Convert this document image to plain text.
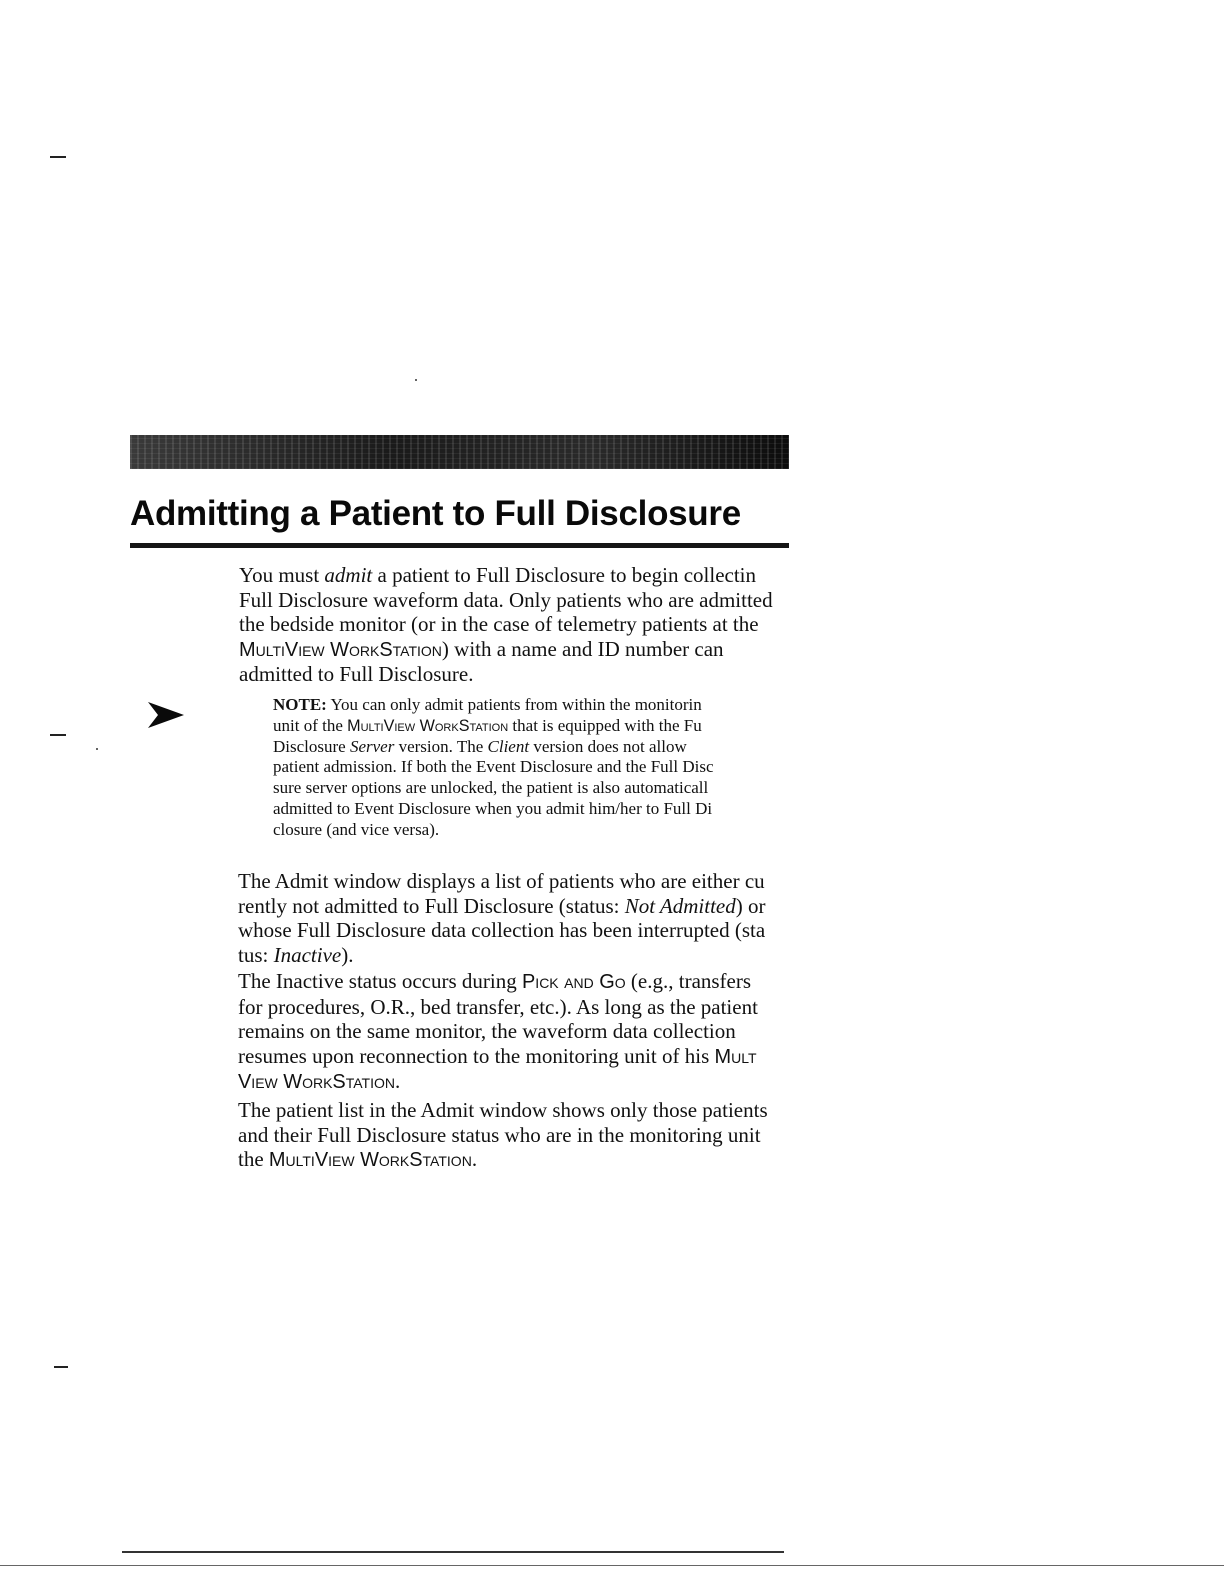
Admitting a Patient to Full Disclosure
You must admit a patient to Full Disclosure to begin collectin
Full Disclosure waveform data. Only patients who are admitted
the bedside monitor (or in the case of telemetry patients at the
MultiView WorkStation) with a name and ID number can
admitted to Full Disclosure.
NOTE: You can only admit patients from within the monitorin
unit of the MultiView WorkStation that is equipped with the Fu
Disclosure Server version. The Client version does not allow
patient admission. If both the Event Disclosure and the Full Disc
sure server options are unlocked, the patient is also automaticall
admitted to Event Disclosure when you admit him/her to Full Di
closure (and vice versa).
The Admit window displays a list of patients who are either cu
rently not admitted to Full Disclosure (status: Not Admitted) or
whose Full Disclosure data collection has been interrupted (sta
tus: Inactive).
The Inactive status occurs during Pick and Go (e.g., transfers
for procedures, O.R., bed transfer, etc.). As long as the patient
remains on the same monitor, the waveform data collection
resumes upon reconnection to the monitoring unit of his Mult
View WorkStation.
The patient list in the Admit window shows only those patients
and their Full Disclosure status who are in the monitoring unit
the MultiView WorkStation.
